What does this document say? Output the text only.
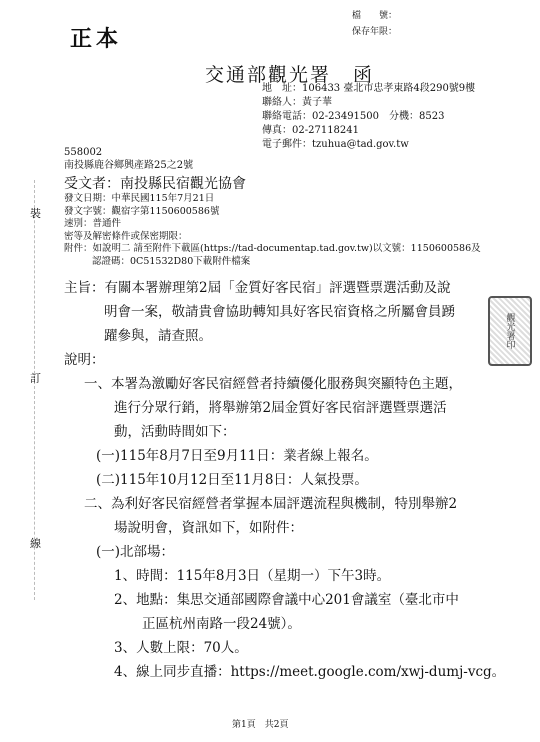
正本
檔　　號：
保存年限：
交通部觀光署 函
地　址：106433 臺北市忠孝東路4段290號9樓
聯絡人：黃子華
聯絡電話：02-23491500　分機：8523
傳真：02-27118241
電子郵件：tzuhua@tad.gov.tw
558002
南投縣鹿谷鄉興產路25之2號
受文者：南投縣民宿觀光協會
發文日期：中華民國115年7月21日
發文字號：觀宿字第1150600586號
速別：普通件
密等及解密條件或保密期限：
附件：如說明二 請至附件下載區(https://tad-documentap.tad.gov.tw)以文號：1150600586及
認證碼：0C51532D80下載附件檔案
主旨：有關本署辦理第2屆「金質好客民宿」評選暨票選活動及說
明會一案，敬請貴會協助轉知具好客民宿資格之所屬會員踴
躍參與，請查照。	觀光署印
說明：
一、本署為激勵好客民宿經營者持續優化服務與突顯特色主題，
進行分眾行銷，將舉辦第2屆金質好客民宿評選暨票選活
動，活動時間如下：
(一)115年8月7日至9月11日：業者線上報名。
(二)115年10月12日至11月8日：人氣投票。
二、為利好客民宿經營者掌握本屆評選流程與機制，特別舉辦2
場說明會，資訊如下，如附件：
(一)北部場：
1、時間：115年8月3日（星期一）下午3時。
2、地點：集思交通部國際會議中心201會議室（臺北市中
正區杭州南路一段24號）。
3、人數上限：70人。
4、線上同步直播：https://meet.google.com/xwj-dumj-vcg。
裝
訂
線
第1頁　共2頁
